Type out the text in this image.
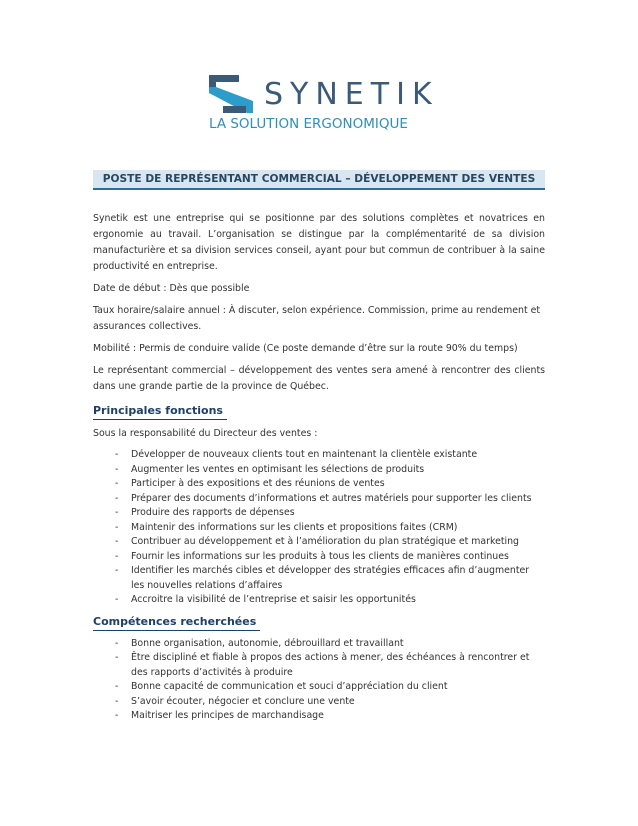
SYNETIK
LA SOLUTION ERGONOMIQUE
POSTE DE REPRÉSENTANT COMMERCIAL – DÉVELOPPEMENT DES VENTES

Synetik est une entreprise qui se positionne par des solutions complètes et novatrices en ergonomie au travail. L’organisation se distingue par la complémentarité de sa division manufacturière et sa division services conseil, ayant pour but commun de contribuer à la saine productivité en entreprise.

Date de début : Dès que possible

Taux horaire/salaire annuel : À discuter, selon expérience. Commission, prime au rendement et assurances collectives.

Mobilité : Permis de conduire valide (Ce poste demande d’être sur la route 90% du temps)

Le représentant commercial – développement des ventes sera amené à rencontrer des clients dans une grande partie de la province de Québec.

Principales fonctions

Sous la responsabilité du Directeur des ventes :

- Développer de nouveaux clients tout en maintenant la clientèle existante
- Augmenter les ventes en optimisant les sélections de produits
- Participer à des expositions et des réunions de ventes
- Préparer des documents d’informations et autres matériels pour supporter les clients
- Produire des rapports de dépenses
- Maintenir des informations sur les clients et propositions faites (CRM)
- Contribuer au développement et à l’amélioration du plan stratégique et marketing
- Fournir les informations sur les produits à tous les clients de manières continues
- Identifier les marchés cibles et développer des stratégies efficaces afin d’augmenter les nouvelles relations d’affaires
- Accroitre la visibilité de l’entreprise et saisir les opportunités
Compétences recherchées
- Bonne organisation, autonomie, débrouillard et travaillant
- Être discipliné et fiable à propos des actions à mener, des échéances à rencontrer et des rapports d’activités à produire
- Bonne capacité de communication et souci d’appréciation du client
- S’avoir écouter, négocier et conclure une vente
- Maitriser les principes de marchandisage
